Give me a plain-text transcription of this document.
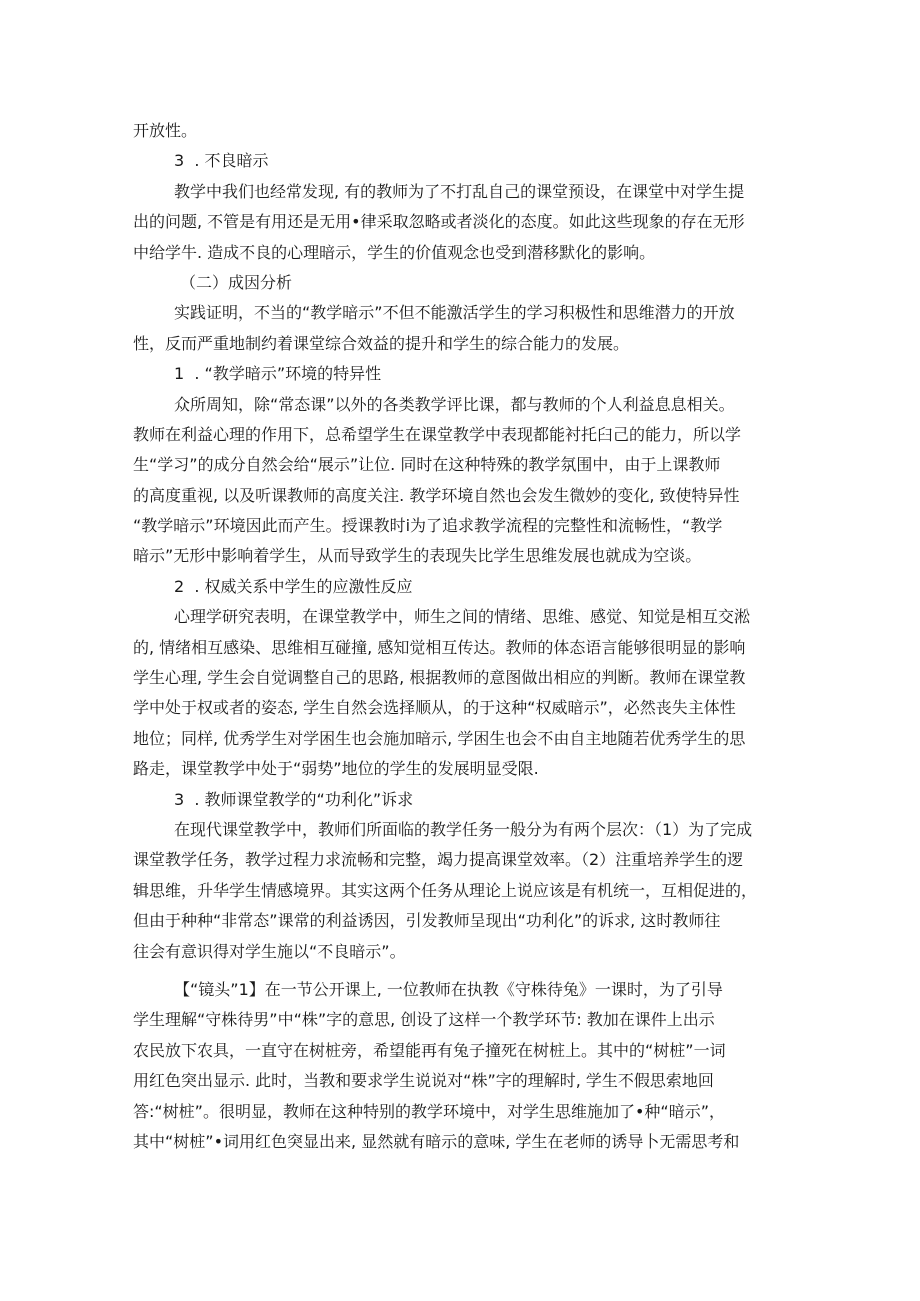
开放性。
3  . 不良暗示
教学中我们也经常发现, 有的教师为了不打乱自己的课堂预设，在课堂中对学生提
出的问题, 不管是有用还是无用•律采取忽略或者淡化的态度。如此这些现象的存在无形
中给学牛. 造成不良的心理暗示，学生的价值观念也受到潜移默化的影响。
（二）成因分析
实践证明，不当的“教学暗示”不但不能激活学生的学习积极性和思维潜力的开放
性，反而严重地制约着课堂综合效益的提升和学生的综合能力的发展。
1  . “教学暗示”环境的特异性
众所周知，除“常态课”以外的各类教学评比课，都与教师的个人利益息息相关。
教师在利益心理的作用下，总希望学生在课堂教学中表现都能衬托臼己的能力，所以学
生“学习”的成分自然会给“展示”让位. 同时在这种特殊的教学氛围中，由于上课教师
的高度重视, 以及听课教师的高度关注. 教学环境自然也会发生微妙的变化, 致使特异性
“教学暗示”环境因此而产生。授课教时i为了追求教学流程的完整性和流畅性，“教学
暗示”无形中影响着学生，从而导致学生的表现失比学生思维发展也就成为空谈。
2  . 权威关系中学生的应激性反应
心理学研究表明，在课堂教学中，师生之间的情绪、思维、感觉、知觉是相互交淞
的, 情绪相互感染、思维相互碰撞, 感知觉相互传达。教师的体态语言能够很明显的影响
学生心理, 学生会自觉调整自己的思路, 根据教师的意图做出相应的判断。教师在课堂教
学中处于权或者的姿态, 学生自然会选择顺从，的于这种“权威暗示”，必然丧失主体性
地位；同样, 优秀学生对学困生也会施加暗示, 学困生也会不由自主地随若优秀学生的思
路走，课堂教学中处于“弱势”地位的学生的发展明显受限.
3  . 教师课堂教学的“功利化”诉求
在现代课堂教学中，教师们所面临的教学任务一般分为有两个层次：（1）为了完成
课堂教学任务，教学过程力求流畅和完整，竭力提高课堂效率。（2）注重培养学生的逻
辑思维，升华学生情感境界。其实这两个任务从理论上说应该是有机统一，互相促进的，
但由于种种“非常态”课常的利益诱因，引发教师呈现出“功利化”的诉求, 这时教师往
往会有意识得对学生施以“不良暗示”。
【“镜头”1】在一节公开课上, 一位教师在执教《守株待兔》一课时，为了引导
学生理解“守株待男”中“株”字的意思, 创设了这样一个教学环节: 教加在课件上出示
农民放下农具，一直守在树桩旁，希望能再有兔子撞死在树桩上。其中的“树桩”一词
用红色突出显示. 此时，当教和要求学生说说对“株”字的理解时, 学生不假思索地回
答:“树桩”。很明显，教师在这种特别的教学环境中，对学生思维施加了•种“暗示”，
其中“树桩”•词用红色突显出来, 显然就有暗示的意味, 学生在老师的诱导卜无需思考和
